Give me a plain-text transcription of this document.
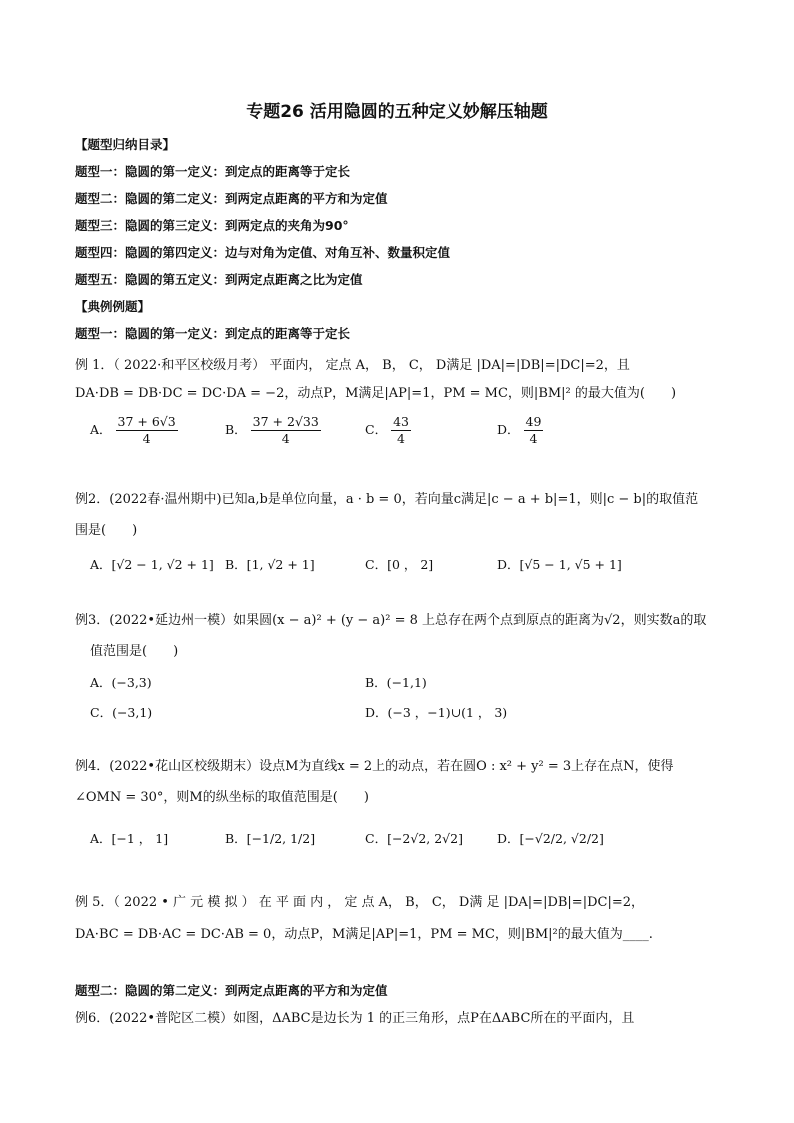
专题26 活用隐圆的五种定义妙解压轴题
【题型归纳目录】
题型一：隐圆的第一定义：到定点的距离等于定长
题型二：隐圆的第二定义：到两定点距离的平方和为定值
题型三：隐圆的第三定义：到两定点的夹角为90°
题型四：隐圆的第四定义：边与对角为定值、对角互补、数量积定值
题型五：隐圆的第五定义：到两定点距离之比为定值
【典例例题】
题型一：隐圆的第一定义：到定点的距离等于定长
例 1．（ 2022·和平区校级月考） 平面内， 定点 A， B， C， D满足 |DA|=|DB|=|DC|=2，且
DA·DB = DB·DC = DC·DA = −2，动点P，M满足|AP|=1，PM = MC，则|BM|² 的最大值为(　　)
A． $\frac{37 + 6√3}{4}$	B． $\frac{37 + 2√33}{4}$	C． $\frac{43}{4}$	D． $\frac{49}{4}$
例2．(2022春·温州期中)已知a,b是单位向量，a · b = 0，若向量c满足|c − a + b|=1，则|c − b|的取值范
围是(　　)
A．[√2 − 1, √2 + 1] B．[1, √2 + 1]	C．[0 ， 2]	D．[√5 − 1, √5 + 1]
例3．(2022•延边州一模）如果圆(x − a)² + (y − a)² = 8 上总存在两个点到原点的距离为√2，则实数a的取
值范围是(　　)
A．(−3,3)	B．(−1,1)
C．(−3,1)	D．(−3 ，−1)∪(1 ， 3)
例4．(2022•花山区校级期末）设点M为直线x = 2上的动点，若在圆O : x² + y² = 3上存在点N，使得
∠OMN = 30°，则M的纵坐标的取值范围是(　　)
A．[−1 ， 1]	B．[−1/2, 1/2]	C．[−2√2, 2√2]	D．[−√2/2, √2/2]
例 5．（ 2022 • 广 元 模 拟 ） 在 平 面 内 ， 定 点 A， B， C， D满 足 |DA|=|DB|=|DC|=2，
DA·BC = DB·AC = DC·AB = 0，动点P，M满足|AP|=1，PM = MC，则|BM|²的最大值为____.
题型二：隐圆的第二定义：到两定点距离的平方和为定值
例6．(2022•普陀区二模）如图，ΔABC是边长为 1 的正三角形，点P在ΔABC所在的平面内，且
